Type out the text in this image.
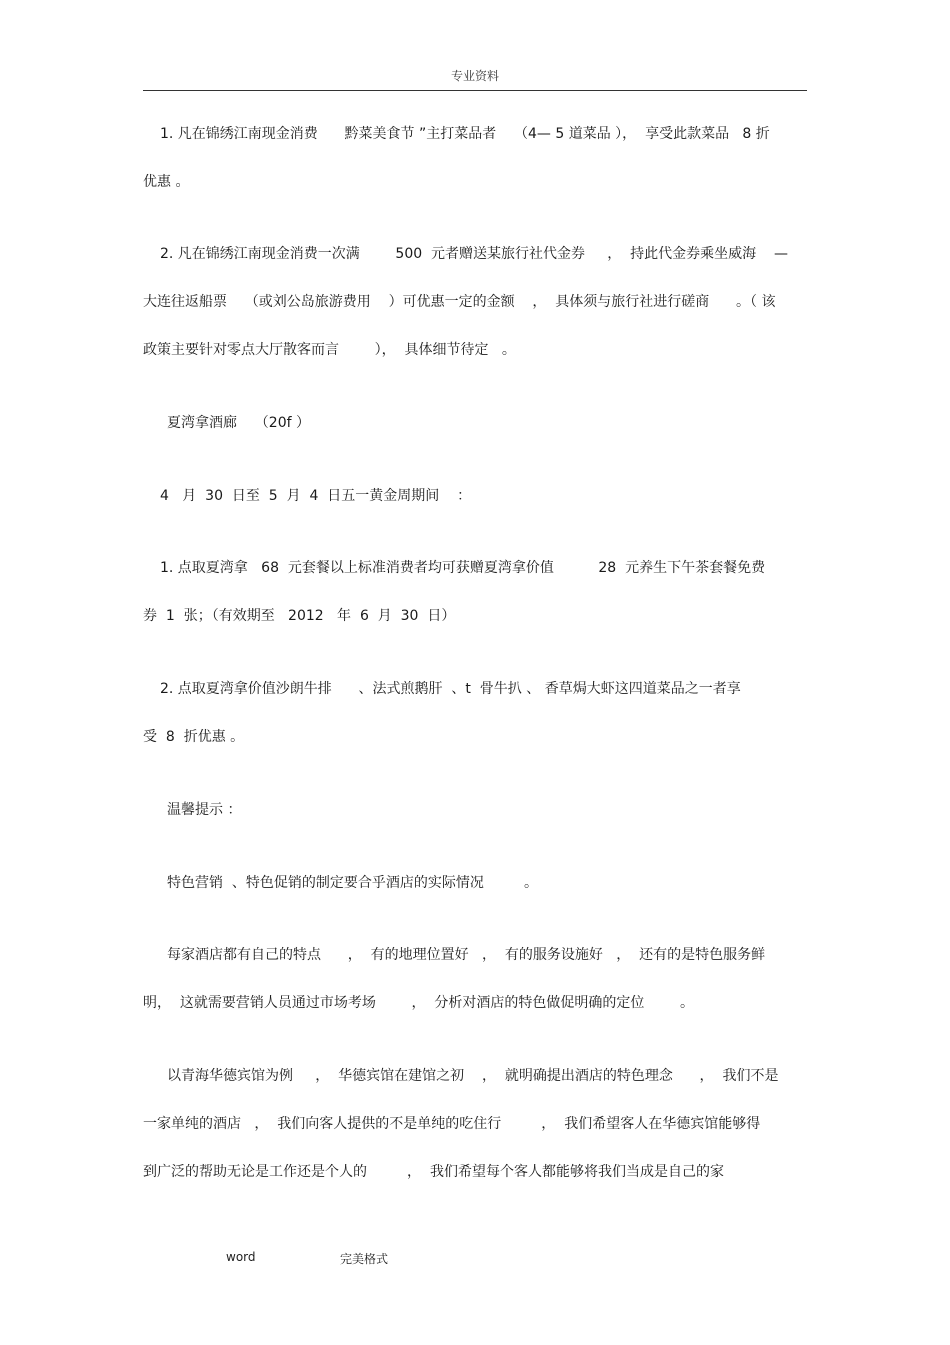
专业资料
1. 凡在锦绣江南现金消费      黔菜美食节 ”主打菜品者    （4— 5 道菜品 ），  享受此款菜品   8 折
优惠 。
2. 凡在锦绣江南现金消费一次满        500  元者赠送某旅行社代金券     ，  持此代金券乘坐威海    —
大连往返船票    （或刘公岛旅游费用    ）可优惠一定的金额    ，  具体须与旅行社进行磋商      。（ 该
政策主要针对零点大厅散客而言        ），  具体细节待定   。
夏湾拿酒廊    （20f ）
4   月  30  日至  5  月  4  日五一黄金周期间    ：
1. 点取夏湾拿   68  元套餐以上标准消费者均可获赠夏湾拿价值          28  元养生下午茶套餐免费
券  1  张；（有效期至   2012   年  6  月  30  日）
2. 点取夏湾拿价值沙朗牛排      、法式煎鹅肝  、t  骨牛扒 、 香草焗大虾这四道菜品之一者享
受  8  折优惠 。
温馨提示 ：
特色营销  、特色促销的制定要合乎酒店的实际情况         。
每家酒店都有自己的特点      ，  有的地理位置好   ，  有的服务设施好   ，  还有的是特色服务鲜
明，  这就需要营销人员通过市场考场        ，  分析对酒店的特色做促明确的定位        。
以青海华德宾馆为例     ，  华德宾馆在建馆之初    ，  就明确提出酒店的特色理念      ，  我们不是
一家单纯的酒店   ，  我们向客人提供的不是单纯的吃住行         ，  我们希望客人在华德宾馆能够得
到广泛的帮助无论是工作还是个人的         ，  我们希望每个客人都能够将我们当成是自己的家
word	完美格式
